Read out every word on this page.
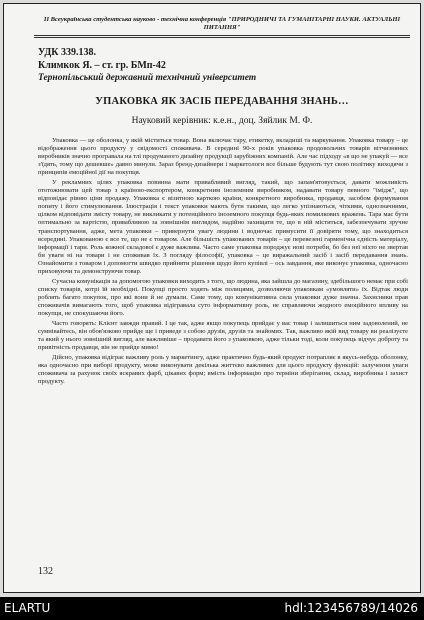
ІІ Всеукраїнська студентська науково - технічна конференція "ПРИРОДНИЧІ ТА ГУМАНІТАРНІ НАУКИ. АКТУАЛЬНІ ПИТАННЯ"
УДК 339.138.
Климкок Я. – ст. гр. БМп-42
Тернопільський державний технічний університет
УПАКОВКА ЯК ЗАСІБ ПЕРЕДАВАННЯ ЗНАНЬ…
Науковий керівник: к.е.н., доц. Зяйлик М. Ф.

Упаковка — це оболонка, у якій міститься товар. Вона включає тару, етикетку, вкладиші та маркування. Упаковка товару – це відображення цього продукту у свідомості споживача. В середині 90-х років упаковка продовольчих товарів вітчизняних виробників значно програвала на тлі продуманого дизайну продукції зарубіжних компаній. Але час підходу «в що не упакуй — все з'їдять, тому що дешевше» давно минули. Зараз бренд-дизайнери і маркетологи все більше будують тут свою політику виходячи з принципів емоційної дії на покупця.

У рекламних цілях упаковка повинна мати привабливий вигляд, такий, що запам'ятовується, давати можливість ототожнювати цей товар з країною-експортером, конкретним іноземним виробником, надавати товару певного "імідж", що відповідає рівню ціни продажу. Упаковка є візитною карткою країни, конкретного виробника, продавця, засобом формування попиту і його стимулювання. Ілюстрація і текст упаковки мають бути такими, що легко упізнаються, чіткими, однозначними, цілком відповідати змісту товару, не викликати у потенційного іноземного покупця будь-яких помилкових вражень. Тара має бути оптимально за вартістю, привабливою за зовнішнім виглядом, надійно захищати те, що в ній міститься, забезпечувати зручне транспортування, адже, мета упаковки – привернути увагу людини і водночас примусити її довіряти тому, що знаходиться всередині. Упакованою є все те, що не є товаром. Але більшість упакованих товарів – це перевезені гарменічна єдність матеріалу, інформації і тари. Роль кожної складової є дуже важлива. Часто саме упаковка породжує нові потреби, бо без неї ніхто не звертав би уваги ні на товари і не споживав їх. З погляду філософії, упаковка – це виражальний засіб і засіб передавання знань. Ознайомити з товаром і допомогти швидко прийняти рішення щодо його купівлі – ось завдання, яке виконує упаковка, одночасно приховуючи та демонструючи товар.

Сучасна комунікація за допомогою упаковки виходить з того, що людина, яка зайшла до магазину, здебільшого немає при собі списку товарів, котрі їй необхідні. Покупці просто ходять між полицями, дозволяючи упаковкам «умовляти» їх. Відтак люди роблять багато покупок, про які вони й не думали. Саме тому, що комунікативна сила упаковки дуже значна. Захисники прав споживачів вимагають того, щоб упаковка відігравала суто інформативну роль, не справляючи жодного емоційного впливу на покупця, не спокушаючи його.

Часто говорять: Клієнт завжди правий. І це так, адже якщо покупець прийдає у вас товар і залишиться ним задоволений, не сумнівайтесь, він обов'язково прийде ще і приведе з собою друзів, друзів та знайомих. Так, важливо якій вид товару ви реалізуєте та який у нього зовнішній вигляд, але важливіше – продавати його з упаковкою, адже тільки тоді, коли покупець відчує доброту та привітність продавця, він не прийде мимо!

Дійсно, упаковка відіграє важливу роль у маркетингу, адже практично будь-який продукт потрапляє в якусь-небудь оболонку, яка одночасно при виборі продукту, може виконувати декілька життєво важливих для цього продукту функцій: залучення уваги споживача за рахунок своїх яскравих фарб, цікавих форм; вмість інформацію про терміни зберігання, склад, виробника і захист продукту.

132
ELARTU	hdl:123456789/14026
